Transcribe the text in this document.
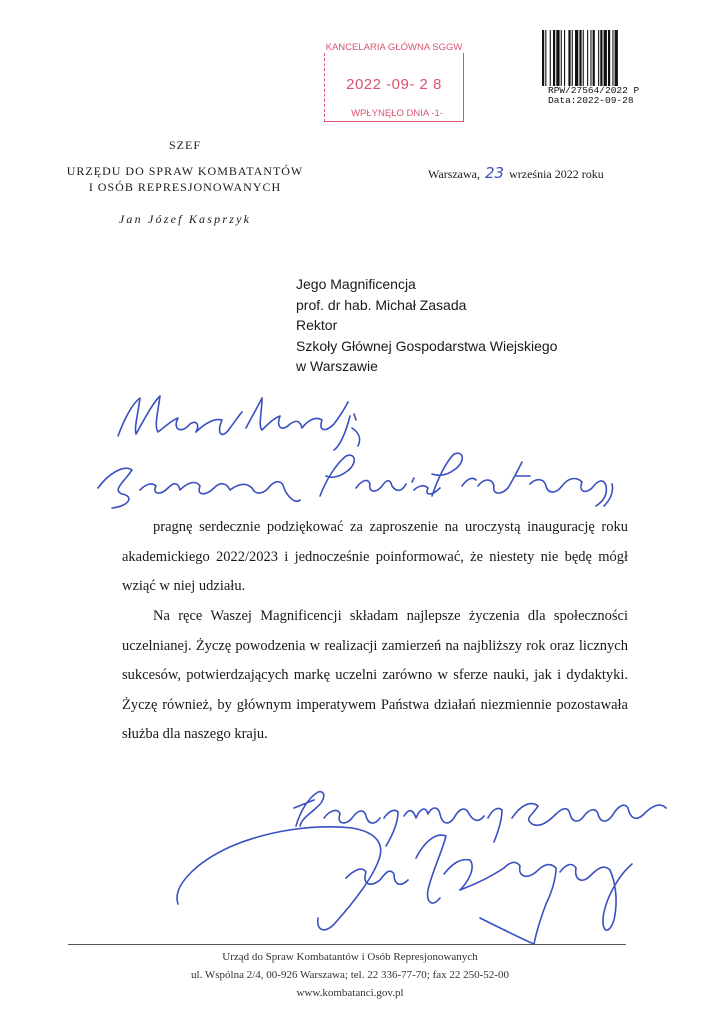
KANCELARIA GŁÓWNA SGGW
2022 -09- 2 8
WPŁYNĘŁO DNIA -1-
RPW/27564/2022 P
Data:2022-09-28
SZEF
URZĘDU DO SPRAW KOMBATANTÓW
I OSÓB REPRESJONOWANYCH
Jan Józef Kasprzyk
Warszawa, 23 września 2022 roku
Jego Magnificencja
prof. dr hab. Michał Zasada
Rektor
Szkoły Głównej Gospodarstwa Wiejskiego
w Warszawie
pragnę serdecznie podziękować za zaproszenie na uroczystą inaugurację roku akademickiego 2022/2023 i jednocześnie poinformować, że niestety nie będę mógł wziąć w niej udziału.
Na ręce Waszej Magnificencji składam najlepsze życzenia dla społeczności uczelnianej. Życzę powodzenia w realizacji zamierzeń na najbliższy rok oraz licznych sukcesów, potwierdzających markę uczelni zarówno w sferze nauki, jak i dydaktyki. Życzę również, by głównym imperatywem Państwa działań niezmiennie pozostawała służba dla naszego kraju.
Urząd do Spraw Kombatantów i Osób Represjonowanych
ul. Wspólna 2/4, 00-926 Warszawa; tel. 22 336-77-70; fax 22 250-52-00
www.kombatanci.gov.pl
